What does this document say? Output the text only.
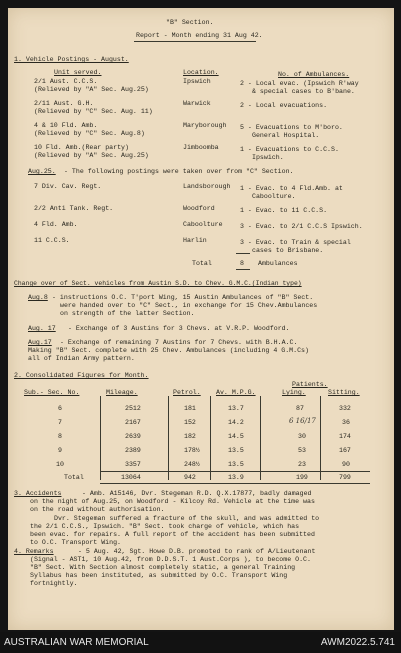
"B" Section.
Report - Month ending 31 Aug 42.
1. Vehicle Postings - August.
Unit served.	Location.	No. of Ambulances.
2/1 Aust. C.C.S.
(Relieved by "A" Sec. Aug.25)
Ipswich	2 - Local evac. (Ipswich R'way
& special cases to B'bane.
2/11 Aust. G.H.
(Relieved by "C" Sec. Aug. 11)
Warwick	2 - Local evacuations.
4 & 10 Fld. Amb.
(Relieved by "C" Sec. Aug.8)
Maryborough 5 - Evacuations to M'boro.
General Hospital.
10 Fld. Amb.(Rear party)
(Relieved by "A" Sec. Aug.25)
Jimboomba	1 - Evacuations to C.C.S.
Ipswich.
Aug.25. - The following postings were taken over from "C" Section.
7 Div. Cav. Regt.	Landsborough 1 - Evac. to 4 Fld.Amb. at
Caboolture.
2/2 Anti Tank. Regt.	Woodford	1 - Evac. to 11 C.C.S.
4 Fld. Amb.	Caboolture	3 - Evac. to 2/1 C.C.S Ipswich.
11 C.C.S.	Harlin	3 - Evac. to Train & special
cases to Brisbane.
Total	8 Ambulances
Change over of Sect. vehicles from Austin S.D. to Chev. G.M.C.(Indian type)
Aug.8 - instructions O.C. T'port Wing, 15 Austin Ambulances of "B" Sect.
were handed over to "C" Sect., in exchange for 15 Chev.Ambulances
on strength of the latter Section.
Aug. 17 - Exchange of 3 Austins for 3 Chevs. at V.R.P. Woodford.
Aug.17 - Exchange of remaining 7 Austins for 7 Chevs. with B.H.A.C.
Making "B" Sect. complete with 25 Chev. Ambulances (including 4 G.M.Cs)
all of Indian Army pattern.
2. Consolidated Figures for Month.
Patients.
Sub.- Sec. No.	Mileage.	Petrol. Av. M.P.G.	Lying.	Sitting.
6	2512	181	13.7	87	332
7	2167	152	14.2	6 16/17	36
8	2639	182	14.5	30	174
9	2389	178½	13.5	53	167
10	3357	248½	13.5	23	90
Total	13064	942	13.9	199	799
3. Accidents	- Amb. A15146, Dvr. Stegeman R.D. Q.X.17877, badly damaged
on the night of Aug.25, on Woodford - Kilcoy Rd. Vehicle at the time was
on the road without authorisation.
Dvr. Stegeman suffered a fracture of the skull, and was admitted to
the 2/1 C.C.S., Ipswich. "B" Sect. took charge of vehicle, which has
been evac. for repairs. A full report of the accident has been submitted
to O.C. Transport Wing.
4. Remarks	- 5 Aug. 42, Sgt. Howe D.B. promoted to rank of A/Lieutenant
(Signal - AST1, 10 Aug.42, from D.D.S.T. 1 Aust.Corps ), to become O.C.
"B" Sect. With Section almost completely static, a general Training
Syllabus has been instituted, as submitted by O.C. Transport Wing
fortnightly.
AUSTRALIAN WAR MEMORIAL	AWM2022.5.741
